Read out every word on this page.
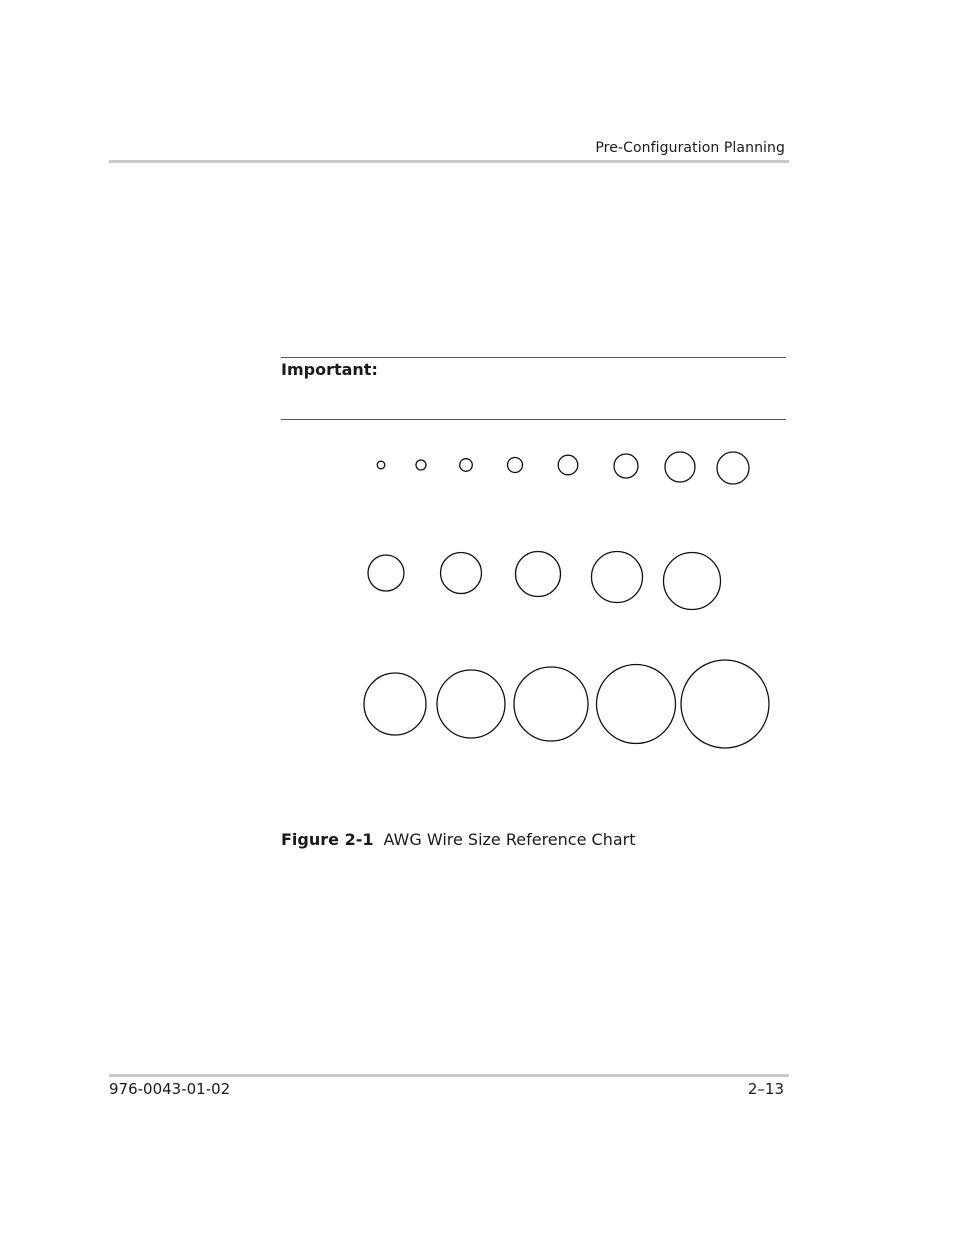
Pre-Configuration Planning
Important:
Figure 2-1 AWG Wire Size Reference Chart
976-0043-01-02	2–13
